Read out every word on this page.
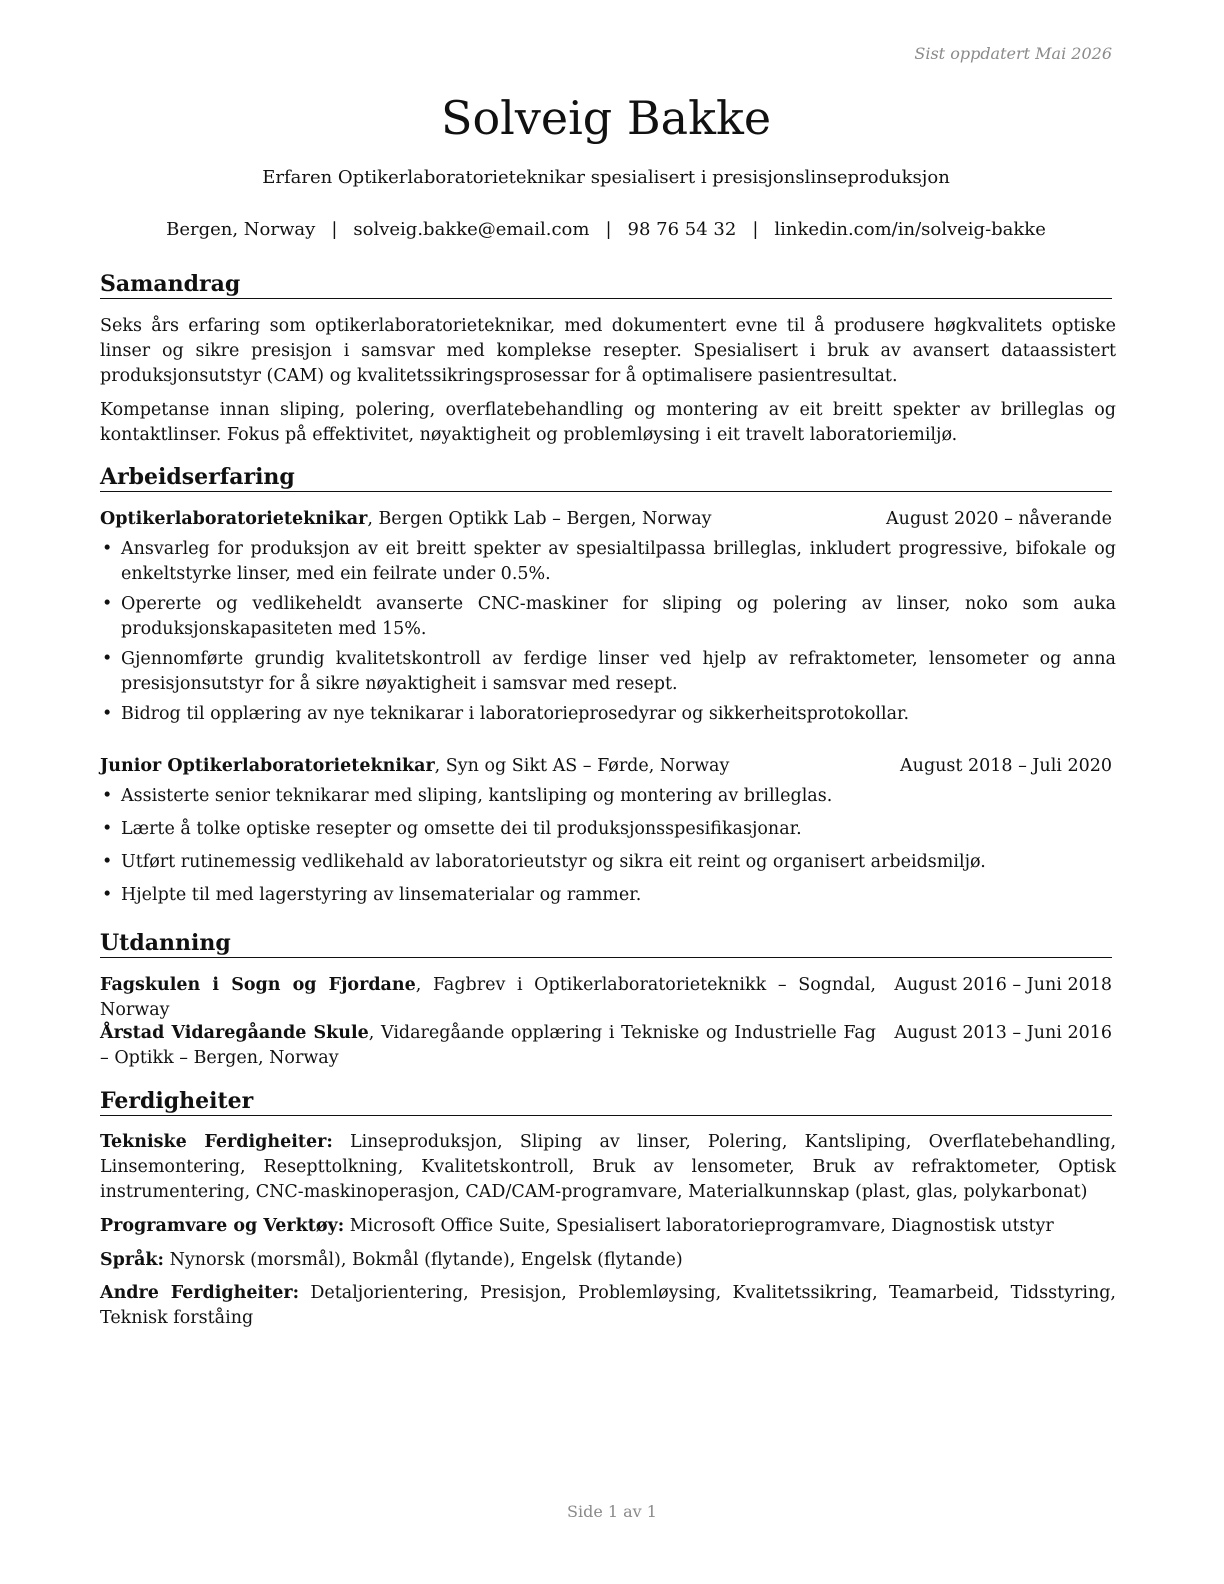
Sist oppdatert Mai 2026
Solveig Bakke
Erfaren Optikerlaboratorieteknikar spesialisert i presisjonslinseproduksjon
Bergen, Norway | solveig.bakke@email.com | 98 76 54 32 | linkedin.com/in/solveig-bakke
Samandrag
Seks års erfaring som optikerlaboratorieteknikar, med dokumentert evne til å produsere høgkvalitets optiske linser og sikre presisjon i samsvar med komplekse resepter. Spesialisert i bruk av avansert dataassistert produksjonsutstyr (CAM) og kvalitetssikringsprosessar for å optimalisere pasientresultat.
Kompetanse innan sliping, polering, overflatebehandling og montering av eit breitt spekter av brilleglas og kontaktlinser. Fokus på effektivitet, nøyaktigheit og problemløysing i eit travelt laboratoriemiljø.
Arbeidserfaring
Optikerlaboratorieteknikar, Bergen Optikk Lab – Bergen, Norway	August 2020 – nåverande
• Ansvarleg for produksjon av eit breitt spekter av spesialtilpassa brilleglas, inkludert progressive, bifokale og enkeltstyrke linser, med ein feilrate under 0.5%.
• Opererte og vedlikeheldt avanserte CNC-maskiner for sliping og polering av linser, noko som auka produksjonskapasiteten med 15%.
• Gjennomførte grundig kvalitetskontroll av ferdige linser ved hjelp av refraktometer, lensometer og anna presisjonsutstyr for å sikre nøyaktigheit i samsvar med resept.
• Bidrog til opplæring av nye teknikarar i laboratorieprosedyrar og sikkerheitsprotokollar.
Junior Optikerlaboratorieteknikar, Syn og Sikt AS – Førde, Norway	August 2018 – Juli 2020
• Assisterte senior teknikarar med sliping, kantsliping og montering av brilleglas.
• Lærte å tolke optiske resepter og omsette dei til produksjonsspesifikasjonar.
• Utført rutinemessig vedlikehald av laboratorieutstyr og sikra eit reint og organisert arbeidsmiljø.
• Hjelpte til med lagerstyring av linsematerialar og rammer.
Utdanning
Fagskulen i Sogn og Fjordane, Fagbrev i Optikerlaboratorieteknikk – Sogndal, Norway
August 2016 – Juni 2018
Årstad Vidaregåande Skule, Vidaregåande opplæring i Tekniske og Industrielle Fag – Optikk – Bergen, Norway
August 2013 – Juni 2016
Ferdigheiter
Tekniske Ferdigheiter: Linseproduksjon, Sliping av linser, Polering, Kantsliping, Overflatebehandling, Linsemontering, Resepttolkning, Kvalitetskontroll, Bruk av lensometer, Bruk av refraktometer, Optisk instrumentering, CNC-maskinoperasjon, CAD/CAM-programvare, Materialkunnskap (plast, glas, polykarbonat)
Programvare og Verktøy: Microsoft Office Suite, Spesialisert laboratorieprogramvare, Diagnostisk utstyr
Språk: Nynorsk (morsmål), Bokmål (flytande), Engelsk (flytande)
Andre Ferdigheiter: Detaljorientering, Presisjon, Problemløysing, Kvalitetssikring, Teamarbeid, Tidsstyring, Teknisk forståing
Side 1 av 1
